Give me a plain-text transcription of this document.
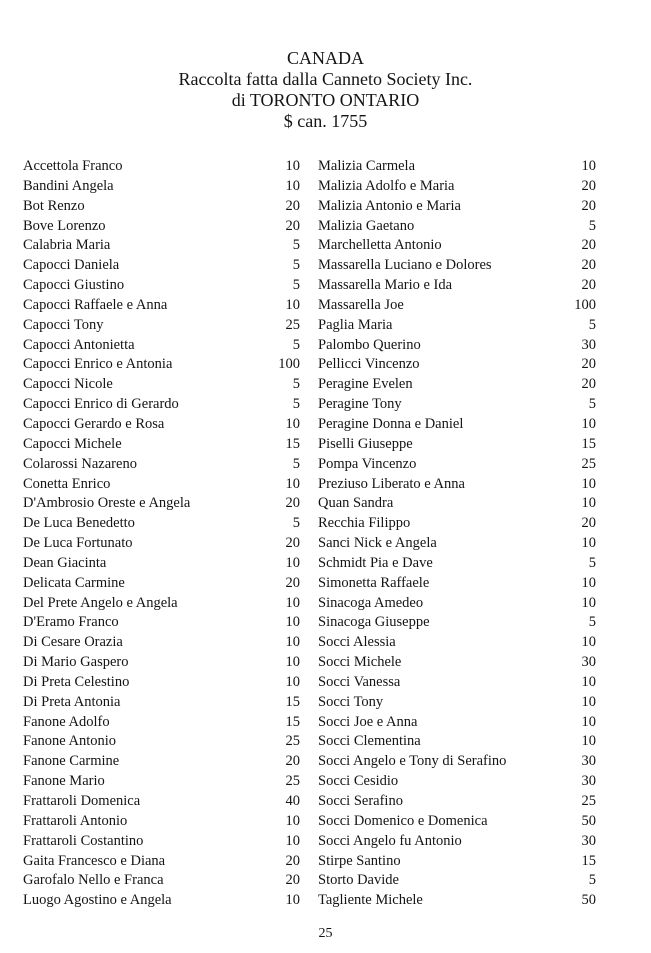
CANADA
Raccolta fatta dalla Canneto Society Inc.
di TORONTO ONTARIO
$ can. 1755
Accettola Franco	10
Bandini Angela	10
Bot Renzo	20
Bove Lorenzo	20
Calabria Maria	5
Capocci Daniela	5
Capocci Giustino	5
Capocci Raffaele e Anna	10
Capocci Tony	25
Capocci Antonietta	5
Capocci Enrico e Antonia	100
Capocci Nicole	5
Capocci Enrico di Gerardo	5
Capocci Gerardo e Rosa	10
Capocci Michele	15
Colarossi Nazareno	5
Conetta Enrico	10
D'Ambrosio Oreste e Angela	20
De Luca Benedetto	5
De Luca Fortunato	20
Dean Giacinta	10
Delicata Carmine	20
Del Prete Angelo e Angela	10
D'Eramo Franco	10
Di Cesare Orazia	10
Di Mario Gaspero	10
Di Preta Celestino	10
Di Preta Antonia	15
Fanone Adolfo	15
Fanone Antonio	25
Fanone Carmine	20
Fanone Mario	25
Frattaroli Domenica	40
Frattaroli Antonio	10
Frattaroli Costantino	10
Gaita Francesco e Diana	20
Garofalo Nello e Franca	20
Luogo Agostino e Angela	10
Malizia Carmela	10
Malizia Adolfo e Maria	20
Malizia Antonio e Maria	20
Malizia Gaetano	5
Marchelletta Antonio	20
Massarella Luciano e Dolores	20
Massarella Mario e Ida	20
Massarella Joe	100
Paglia Maria	5
Palombo Querino	30
Pellicci Vincenzo	20
Peragine Evelen	20
Peragine Tony	5
Peragine Donna e Daniel	10
Piselli Giuseppe	15
Pompa Vincenzo	25
Preziuso Liberato e Anna	10
Quan Sandra	10
Recchia Filippo	20
Sanci Nick e Angela	10
Schmidt Pia e Dave	5
Simonetta Raffaele	10
Sinacoga Amedeo	10
Sinacoga Giuseppe	5
Socci Alessia	10
Socci Michele	30
Socci Vanessa	10
Socci Tony	10
Socci Joe e Anna	10
Socci Clementina	10
Socci Angelo e Tony di Serafino	30
Socci Cesidio	30
Socci Serafino	25
Socci Domenico e Domenica	50
Socci Angelo fu Antonio	30
Stirpe Santino	15
Storto Davide	5
Tagliente Michele	50
25
